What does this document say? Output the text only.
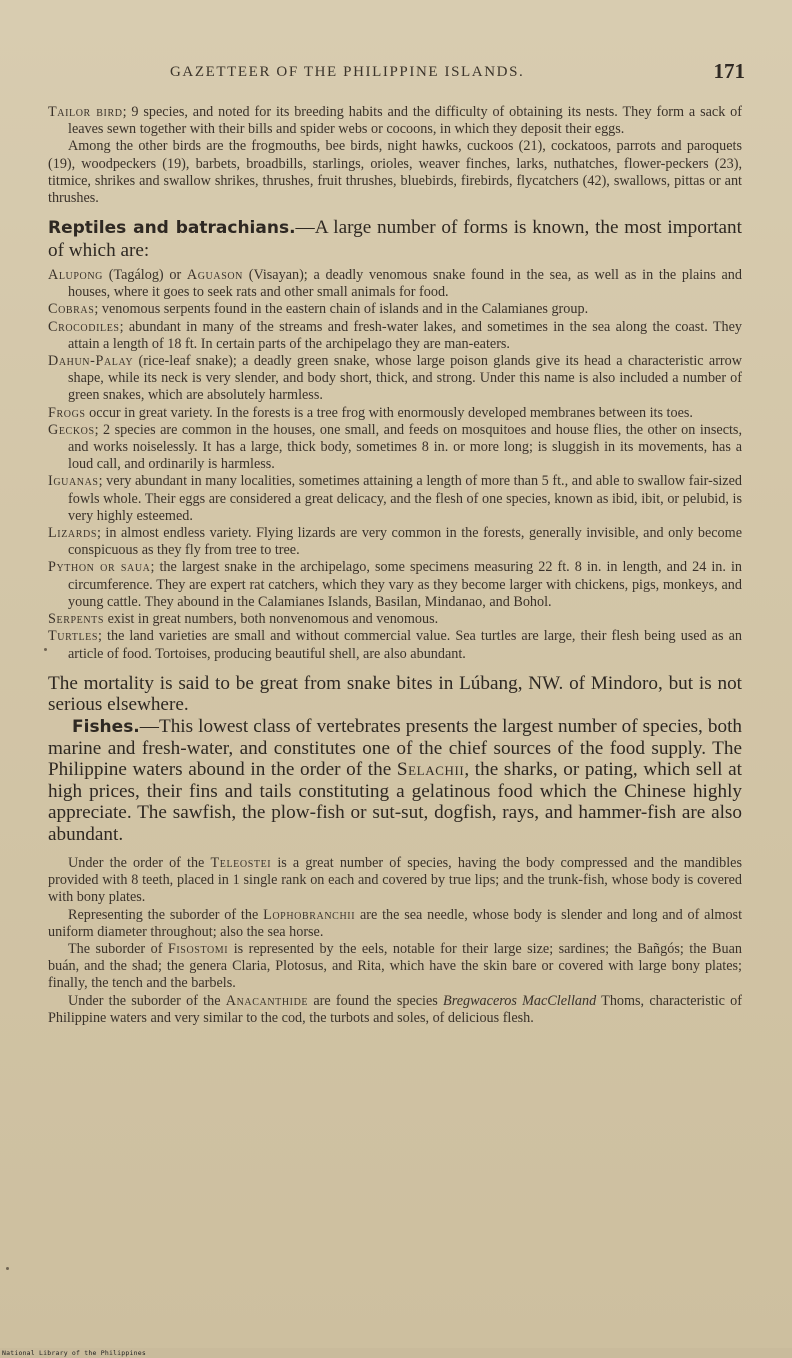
GAZETTEER OF THE PHILIPPINE ISLANDS.	171

Tailor bird; 9 species, and noted for its breeding habits and the difficulty of obtaining its nests. They form a sack of leaves sewn together with their bills and spider webs or cocoons, in which they deposit their eggs.

Among the other birds are the frogmouths, bee birds, night hawks, cuckoos (21), cockatoos, parrots and paroquets (19), woodpeckers (19), barbets, broadbills, starlings, orioles, weaver finches, larks, nuthatches, flower-peckers (23), titmice, shrikes and swallow shrikes, thrushes, fruit thrushes, bluebirds, firebirds, flycatchers (42), swallows, pittas or ant thrushes.

Reptiles and batrachians.—A large number of forms is known, the most important of which are:

Alupong (Tagálog) or Aguason (Visayan); a deadly venomous snake found in the sea, as well as in the plains and houses, where it goes to seek rats and other small animals for food.

Cobras; venomous serpents found in the eastern chain of islands and in the Calamianes group.

Crocodiles; abundant in many of the streams and fresh-water lakes, and sometimes in the sea along the coast. They attain a length of 18 ft. In certain parts of the archipelago they are man-eaters.

Dahun-Palay (rice-leaf snake); a deadly green snake, whose large poison glands give its head a characteristic arrow shape, while its neck is very slender, and body short, thick, and strong. Under this name is also included a number of green snakes, which are absolutely harmless.

Frogs occur in great variety. In the forests is a tree frog with enormously developed membranes between its toes.

Geckos; 2 species are common in the houses, one small, and feeds on mosquitoes and house flies, the other on insects, and works noiselessly. It has a large, thick body, sometimes 8 in. or more long; is sluggish in its movements, has a loud call, and ordinarily is harmless.

Iguanas; very abundant in many localities, sometimes attaining a length of more than 5 ft., and able to swallow fair-sized fowls whole. Their eggs are considered a great delicacy, and the flesh of one species, known as ibid, ibit, or pelubid, is very highly esteemed.

Lizards; in almost endless variety. Flying lizards are very common in the forests, generally invisible, and only become conspicuous as they fly from tree to tree.

Python or saua; the largest snake in the archipelago, some specimens measuring 22 ft. 8 in. in length, and 24 in. in circumference. They are expert rat catchers, which they vary as they become larger with chickens, pigs, monkeys, and young cattle. They abound in the Calamianes Islands, Basilan, Mindanao, and Bohol.

Serpents exist in great numbers, both nonvenomous and venomous.

Turtles; the land varieties are small and without commercial value. Sea turtles are large, their flesh being used as an article of food. Tortoises, producing beautiful shell, are also abundant.

The mortality is said to be great from snake bites in Lúbang, NW. of Mindoro, but is not serious elsewhere.

Fishes.—This lowest class of vertebrates presents the largest number of species, both marine and fresh-water, and constitutes one of the chief sources of the food supply. The Philippine waters abound in the order of the Selachii, the sharks, or pating, which sell at high prices, their fins and tails constituting a gelatinous food which the Chinese highly appreciate. The sawfish, the plow-fish or sut-sut, dogfish, rays, and hammer-fish are also abundant.

Under the order of the Teleostei is a great number of species, having the body compressed and the mandibles provided with 8 teeth, placed in 1 single rank on each and covered by true lips; and the trunk-fish, whose body is covered with bony plates.

Representing the suborder of the Lophobranchii are the sea needle, whose body is slender and long and of almost uniform diameter throughout; also the sea horse.

The suborder of Fisostomi is represented by the eels, notable for their large size; sardines; the Bañgós; the Buan buán, and the shad; the genera Claria, Plotosus, and Rita, which have the skin bare or covered with large bony plates; finally, the tench and the barbels.

Under the suborder of the Anacanthide are found the species Bregwaceros MacClelland Thoms, characteristic of Philippine waters and very similar to the cod, the turbots and soles, of delicious flesh.

National Library of the Philippines
